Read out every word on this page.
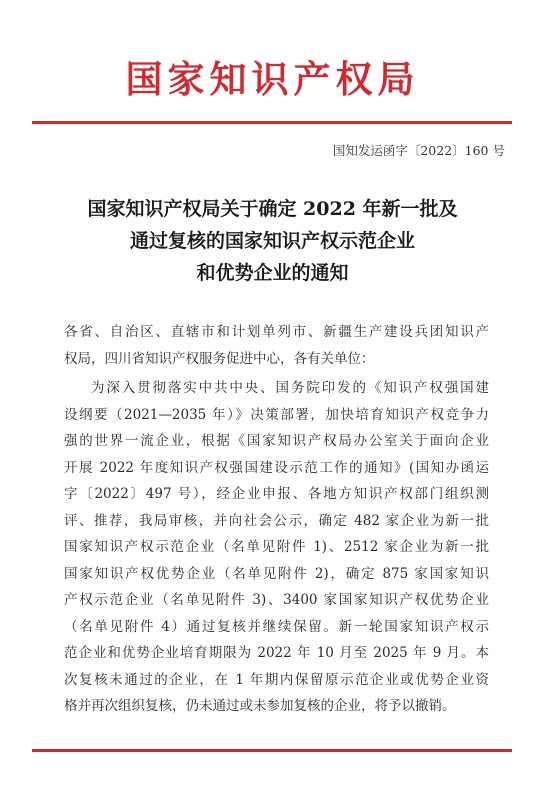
国家知识产权局
国知发运函字〔2022〕160 号
国家知识产权局关于确定 2022 年新一批及
通过复核的国家知识产权示范企业
和优势企业的通知
各省、自治区、直辖市和计划单列市、新疆生产建设兵团知识产
权局，四川省知识产权服务促进中心，各有关单位：
为深入贯彻落实中共中央、国务院印发的《知识产权强国建
设纲要（2021—2035 年）》决策部署，加快培育知识产权竞争力
强的世界一流企业，根据《国家知识产权局办公室关于面向企业
开展 2022 年度知识产权强国建设示范工作的通知》(国知办函运
字〔2022〕497 号），经企业申报、各地方知识产权部门组织测
评、推荐，我局审核，并向社会公示，确定 482 家企业为新一批
国家知识产权示范企业（名单见附件 1)、2512 家企业为新一批
国家知识产权优势企业（名单见附件 2)，确定 875 家国家知识
产权示范企业（名单见附件 3)、3400 家国家知识产权优势企业
（名单见附件 4）通过复核并继续保留。新一轮国家知识产权示
范企业和优势企业培育期限为 2022 年 10 月至 2025 年 9 月。本
次复核未通过的企业，在 1 年期内保留原示范企业或优势企业资
格并再次组织复核，仍未通过或未参加复核的企业，将予以撤销。
